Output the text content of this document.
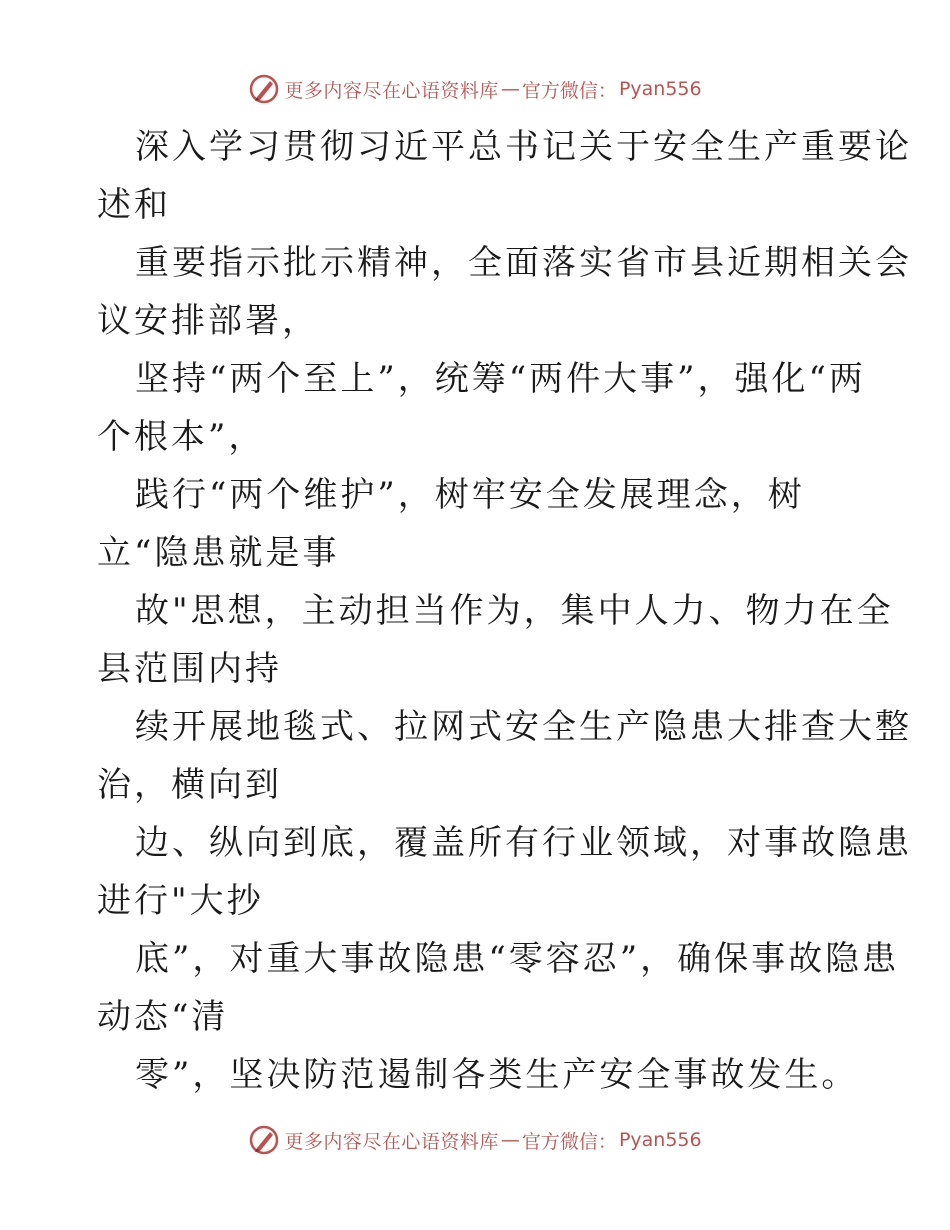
更多内容尽在心语资料库 — 官方微信： Pyan556
深入学习贯彻习近平总书记关于安全生产重要论
述和
重要指示批示精神，全面落实省市县近期相关会
议安排部署，
坚持“两个至上”，统筹“两件大事”，强化“两
个根本”，
践行“两个维护”，树牢安全发展理念，树
立“隐患就是事
故"思想，主动担当作为，集中人力、物力在全
县范围内持
续开展地毯式、拉网式安全生产隐患大排查大整
治，横向到
边、纵向到底，覆盖所有行业领域，对事故隐患
进行"大抄
底”，对重大事故隐患“零容忍”，确保事故隐患
动态“清
零”，坚决防范遏制各类生产安全事故发生。
更多内容尽在心语资料库 — 官方微信： Pyan556
